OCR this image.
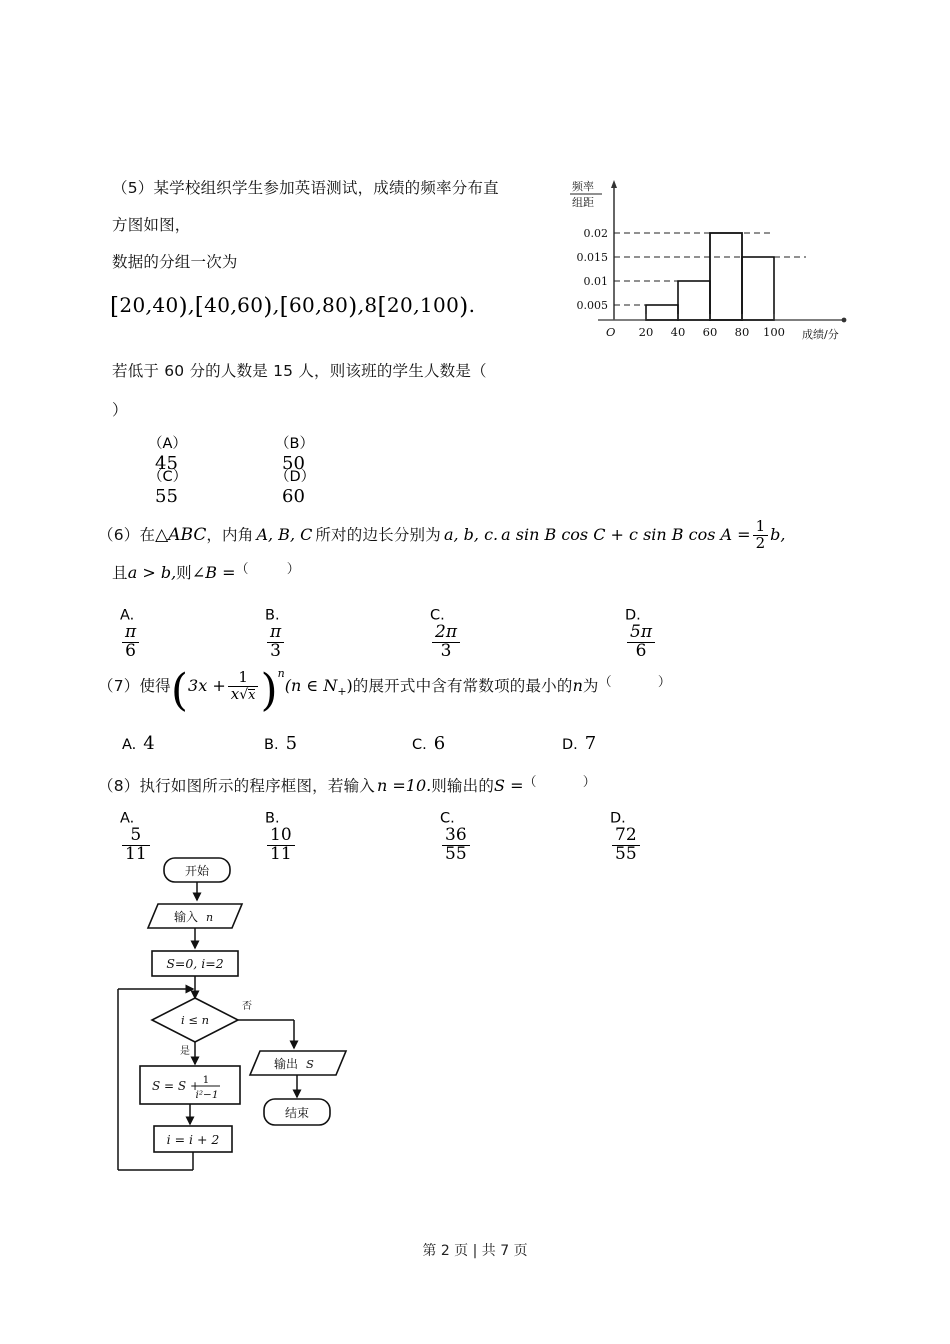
（5）某学校组织学生参加英语测试，成绩的频率分布直
方图如图，
数据的分组一次为
[20,40),[40,60),[60,80),8[20,100).
若低于 60 分的人数是 15 人，则该班的学生人数是（
）
（A）45
（B）50
（C）55
（D）60
频率
组距
0.02
0.015
0.01
0.005
20 40 60 80 100
O	成绩/分
（6）在△ABC，内角 A, B, C 所对的边长分别为 a, b, c. a sin B cos C + c sin B $\cos A = \frac{1}{2} b$,
且a > b,则∠B =（	）
A.
$\frac{\pi}{6}$
B.
$\frac{\pi}{3}$
C.
$\frac{2\pi}{3}$
D.
$\frac{5\pi}{6}$
（7）使得$(3x + \frac{1}{x√x} )^n(n$ ∈ $N_+$)的展开式中含有常数项的最小的n为（	）
A. 4	B. 5	C. 6	D. 7
（8）执行如图所示的程序框图，若输入 n =10.则输出的S =（	）
A.
$\frac{5}{11}$
B.
$\frac{10}{11}$
C.
$\frac{36}{55}$
D.
$\frac{72}{55}$
开始
输入 n
S=0, i=2
i ≤ n
否
是
S = S + 1
i²−1
i = i + 2
输出 S
结束
第 2 页 | 共 7 页
